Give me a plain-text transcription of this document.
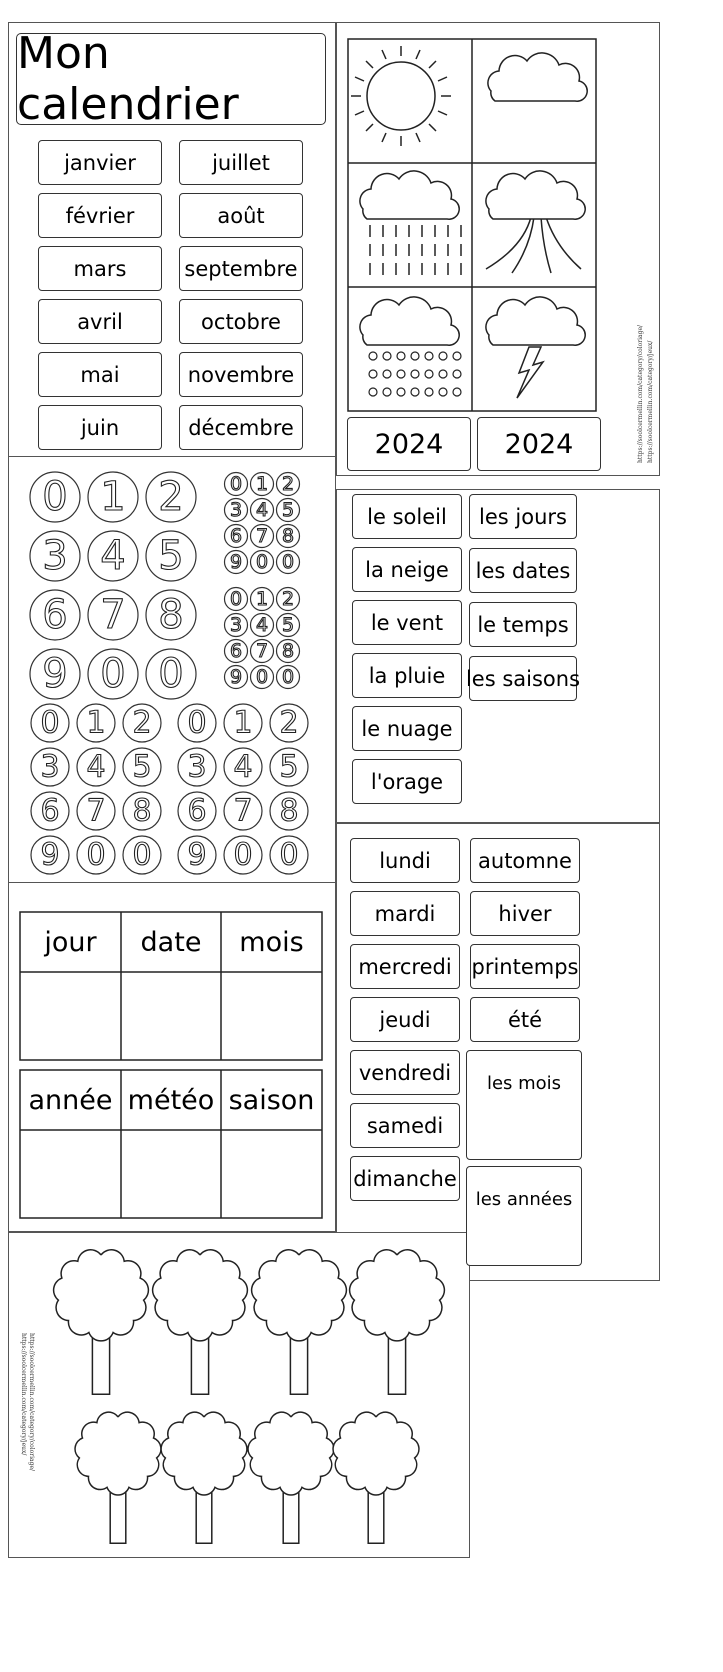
Mon calendrier
2024	2024	https://soolcermellin.com/category/coloriage/ https://soolcermellin.com/category/jeux/
0 1 2
3 4 5
6 7 8
9 0 0
0 1 2
3 4 5
6 7 8
9 0 0
0 1 2
3 4 5
6 7 8
9 0 0
0 1 2
3 4 5
6 7 8
9 0 0
0 1 2
3 4 5
6 7 8
9 0 0
jour	date	mois
année météo saison
https://soolcermellin.com/category/coloriage/
https://soolcermellin.com/category/jeux/
janvier
février
mars
avril
mai
juin
juillet
août
septembre
octobre
novembre
décembre
le soleil
la neige
le vent
la pluie
le nuage
l'orage
les jours
les dates
le temps
les saisons
lundi
mardi
mercredi
jeudi
vendredi
samedi
dimanche
automne
hiver
printemps
été
les mois
les années
